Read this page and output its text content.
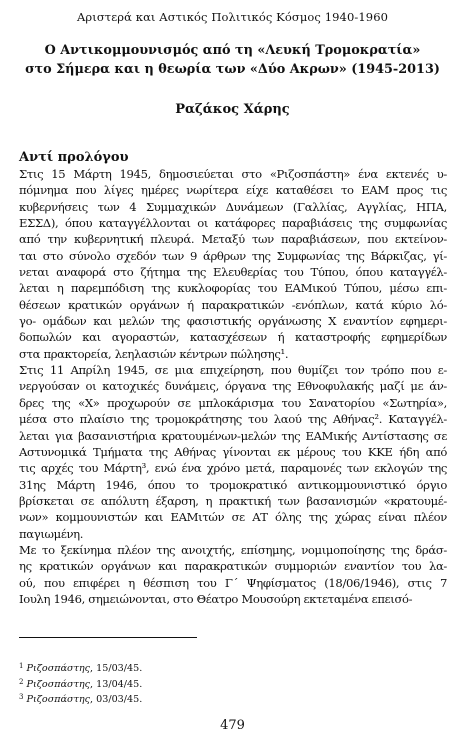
Αριστερά και Αστικός Πολιτικός Κόσμος 1940-1960
Ο Αντικομμουνισμός από τη «Λευκή Τρομοκρατία»
στο Σήμερα και η θεωρία των «Δύο Ακρων» (1945-2013)
Ραζάκος Χάρης
Αντί προλόγου
Στις 15 Μάρτη 1945, δημοσιεύεται στο «Ριζοσπάστη» ένα εκτενές υ-
πόμνημα που λίγες ημέρες νωρίτερα είχε καταθέσει το ΕΑΜ προς τις
κυβερνήσεις των 4 Συμμαχικών Δυνάμεων (Γαλλίας, Αγγλίας, ΗΠΑ,
ΕΣΣΔ), όπου καταγγέλλονται οι κατάφορες παραβιάσεις της συμφωνίας
από την κυβερνητική πλευρά. Μεταξύ των παραβιάσεων, που εκτείνον-
ται στο σύνολο σχεδόν των 9 άρθρων της Συμφωνίας της Βάρκιζας, γί-
νεται αναφορά στο ζήτημα της Ελευθερίας του Τύπου, όπου καταγγέλ-
λεται η παρεμπόδιση της κυκλοφορίας του ΕΑΜικού Τύπου, μέσω επι-
θέσεων κρατικών οργάνων ή παρακρατικών -ενόπλων, κατά κύριο λό-
γο- ομάδων και μελών της φασιστικής οργάνωσης Χ εναντίον εφημερι-
δοπωλών και αγοραστών, κατασχέσεων ή καταστροφής εφημερίδων
στα πρακτορεία, λεηλασιών κέντρων πώλησης¹.
Στις 11 Απρίλη 1945, σε μια επιχείρηση, που θυμίζει τον τρόπο που ε-
νεργούσαν οι κατοχικές δυνάμεις, όργανα της Εθνοφυλακής μαζί με άν-
δρες της «Χ» προχωρούν σε μπλοκάρισμα του Σανατορίου «Σωτηρία»,
μέσα στο πλαίσιο της τρομοκράτησης του λαού της Αθήνας². Καταγγέλ-
λεται για βασανιστήρια κρατουμένων-μελών της ΕΑΜικής Αντίστασης σε
Αστυνομικά Τμήματα της Αθήνας γίνονται εκ μέρους του ΚΚΕ ήδη από
τις αρχές του Μάρτη³, ενώ ένα χρόνο μετά, παραμονές των εκλογών της
31ης Μάρτη 1946, όπου το τρομοκρατικό αντικομμουνιστικό όργιο
βρίσκεται σε απόλυτη έξαρση, η πρακτική των βασανισμών «κρατουμέ-
νων» κομμουνιστών και ΕΑΜιτών σε ΑΤ όλης της χώρας είναι πλέον
παγιωμένη.
Με το ξεκίνημα πλέον της ανοιχτής, επίσημης, νομιμοποίησης της δράσ-
ης κρατικών οργάνων και παρακρατικών συμμοριών εναντίον του λα-
ού, που επιφέρει η θέσπιση του Γ΄ Ψηφίσματος (18/06/1946), στις 7
Ιουλη 1946, σημειώνονται, στο Θέατρο Μουσούρη εκτεταμένα επεισό-
$^1$ Ριζοσπάστης, 15/03/45.
$^2$ Ριζοσπάστης, 13/04/45.
$^3$ Ριζοσπάστης, 03/03/45.
479
